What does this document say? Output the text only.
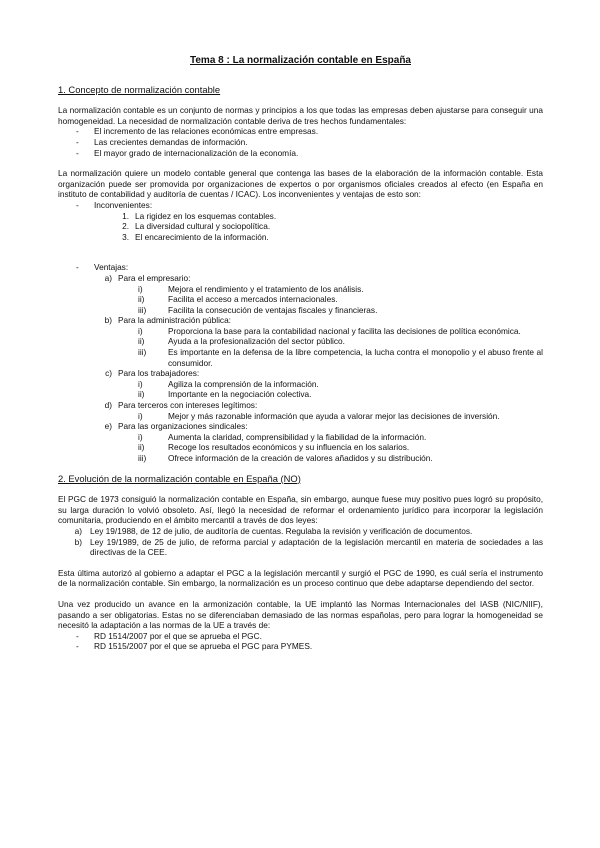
Tema 8 : La normalización contable en España
1. Concepto de normalización contable

La normalización contable es un conjunto de normas y principios a los que todas las empresas deben ajustarse para conseguir una homogeneidad. La necesidad de normalización contable deriva de tres hechos fundamentales:

-	El incremento de las relaciones económicas entre empresas.
-	Las crecientes demandas de información.
-	El mayor grado de internacionalización de la economía.

La normalización quiere un modelo contable general que contenga las bases de la elaboración de la información contable. Esta organización puede ser promovida por organizaciones de expertos o por organismos oficiales creados al efecto (en España en instituto de contabilidad y auditoría de cuentas / ICAC). Los inconvenientes y ventajas de esto son:

-	Inconvenientes:
1. La rigidez en los esquemas contables.
2. La diversidad cultural y sociopolítica.
3. El encarecimiento de la información.
-	Ventajas:
a) Para el empresario:
i)	Mejora el rendimiento y el tratamiento de los análisis.
ii)	Facilita el acceso a mercados internacionales.
iii)	Facilita la consecución de ventajas fiscales y financieras.
b) Para la administración pública:
i)	Proporciona la base para la contabilidad nacional y facilita las decisiones de política económica.
ii)	Ayuda a la profesionalización del sector público.
iii)	Es importante en la defensa de la libre competencia, la lucha contra el monopolio y el abuso frente al consumidor.
c) Para los trabajadores:
i)	Agiliza la comprensión de la información.
ii)	Importante en la negociación colectiva.
d) Para terceros con intereses legítimos:
i)	Mejor y más razonable información que ayuda a valorar mejor las decisiones de inversión.
e) Para las organizaciones sindicales:
i)	Aumenta la claridad, comprensibilidad y la fiabilidad de la información.
ii)	Recoge los resultados económicos y su influencia en los salarios.
iii)	Ofrece información de la creación de valores añadidos y su distribución.
2. Evolución de la normalización contable en España (NO)

El PGC de 1973 consiguió la normalización contable en España, sin embargo, aunque fuese muy positivo pues logró su propósito, su larga duración lo volvió obsoleto. Así, llegó la necesidad de reformar el ordenamiento jurídico para incorporar la legislación comunitaria, produciendo en el ámbito mercantil a través de dos leyes:

a) Ley 19/1988, de 12 de julio, de auditoría de cuentas. Regulaba la revisión y verificación de documentos.
b) Ley 19/1989, de 25 de julio, de reforma parcial y adaptación de la legislación mercantil en materia de sociedades a las directivas de la CEE.

Esta última autorizó al gobierno a adaptar el PGC a la legislación mercantil y surgió el PGC de 1990, es cuál sería el instrumento de la normalización contable. Sin embargo, la normalización es un proceso continuo que debe adaptarse dependiendo del sector.

Una vez producido un avance en la armonización contable, la UE implantó las Normas Internacionales del IASB (NIC/NIIF), pasando a ser obligatorias. Estas no se diferenciaban demasiado de las normas españolas, pero para lograr la homogeneidad se necesitó la adaptación a las normas de la UE a través de:

-	RD 1514/2007 por el que se aprueba el PGC.
-	RD 1515/2007 por el que se aprueba el PGC para PYMES.
